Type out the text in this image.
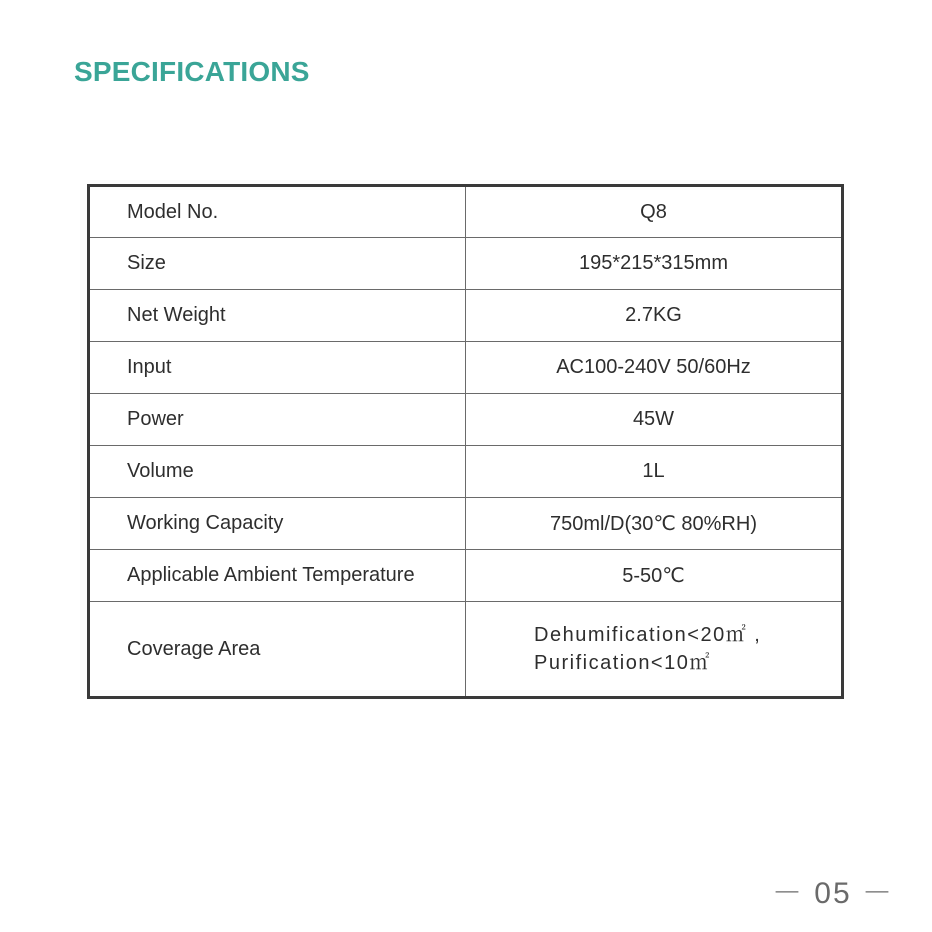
SPECIFICATIONS
Model No.	Q8
Size	195*215*315mm
Net Weight	2.7KG
Input	AC100-240V 50/60Hz
Power	45W
Volume	1L
Working Capacity	750ml/D(30℃ 80%RH)
Applicable Ambient Temperature	5-50℃
Coverage Area	Dehumification<20㎡ ,
Purification<10㎡
－ 05 －
